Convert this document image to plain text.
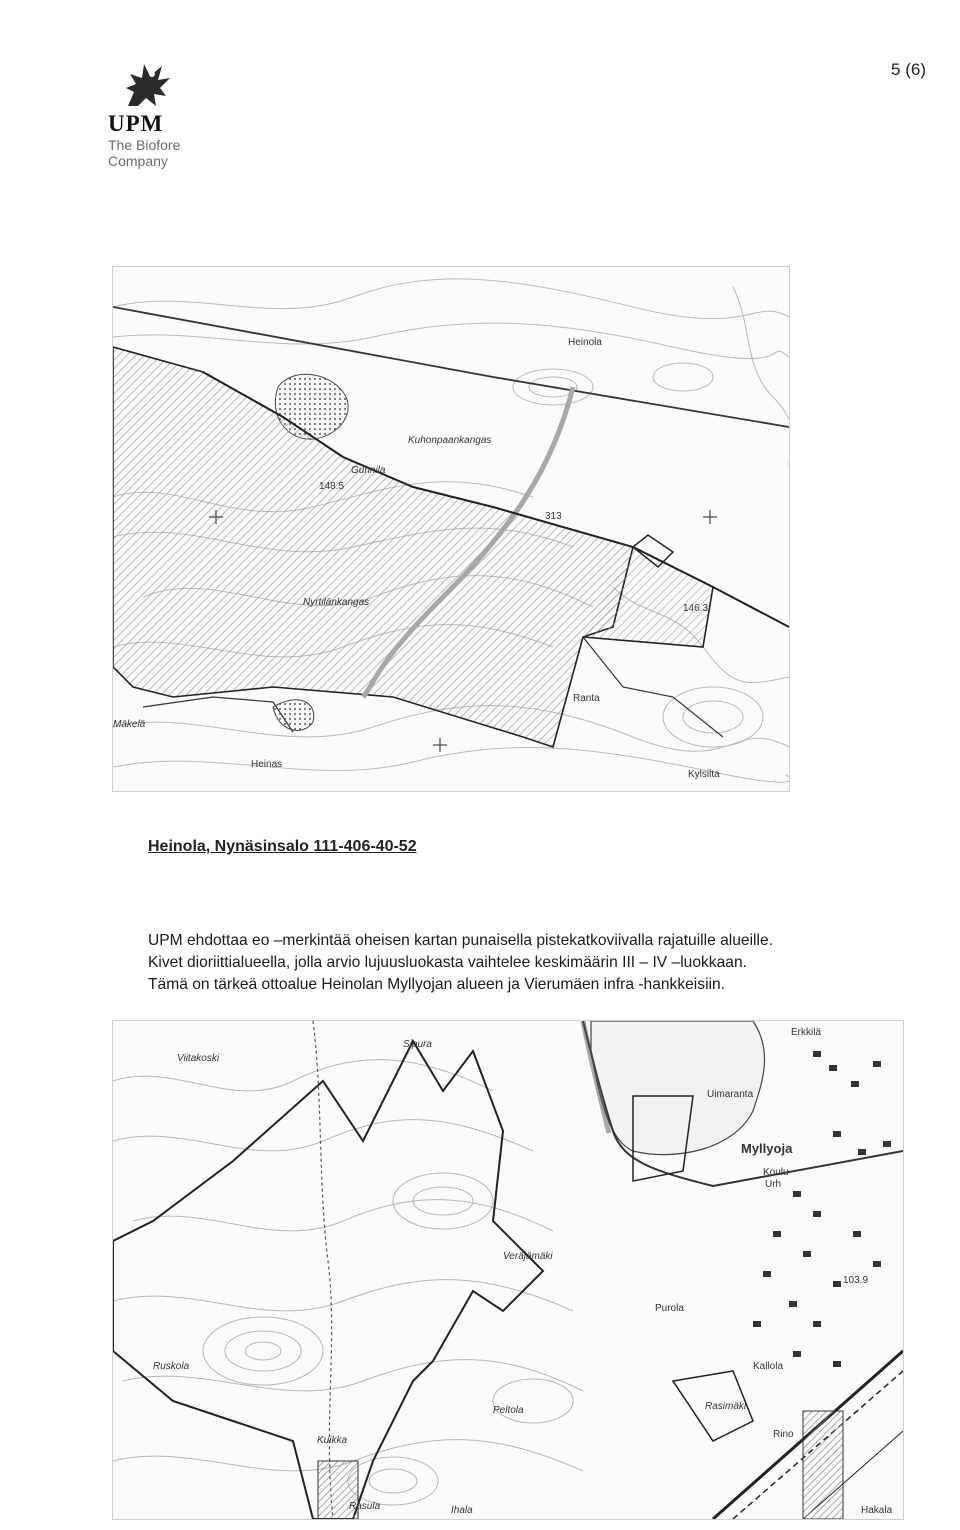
UPM
The Biofore
Company
5 (6)
Heinola
Kuhonpaankangas
Gunnila
148.5
313
Nyrtilänkangas
146.3
Mäkelä
Heinas
Ranta
Kylsilta
Heinola, Nynäsinsalo 111-406-40-52

UPM ehdottaa eo –merkintää oheisen kartan punaisella pistekatkoviivalla rajatuille alueille.

Kivet dioriittialueella, jolla arvio lujuusluokasta vaihtelee keskimäärin III – IV –luokkaan.

Tämä on tärkeä ottoalue Heinolan Myllyojan alueen ja Vierumäen infra -hankkeisiin.

Erkkilä
Viitakoski
Sipura
Uimaranta
Myllyoja
Koulu
Urh
Veräjämäki
Purola
103.9
Kallola
Ruskola
Peltola	Rasimäki
Rino
Kuikka
Rasula	Ihala	Hakala
